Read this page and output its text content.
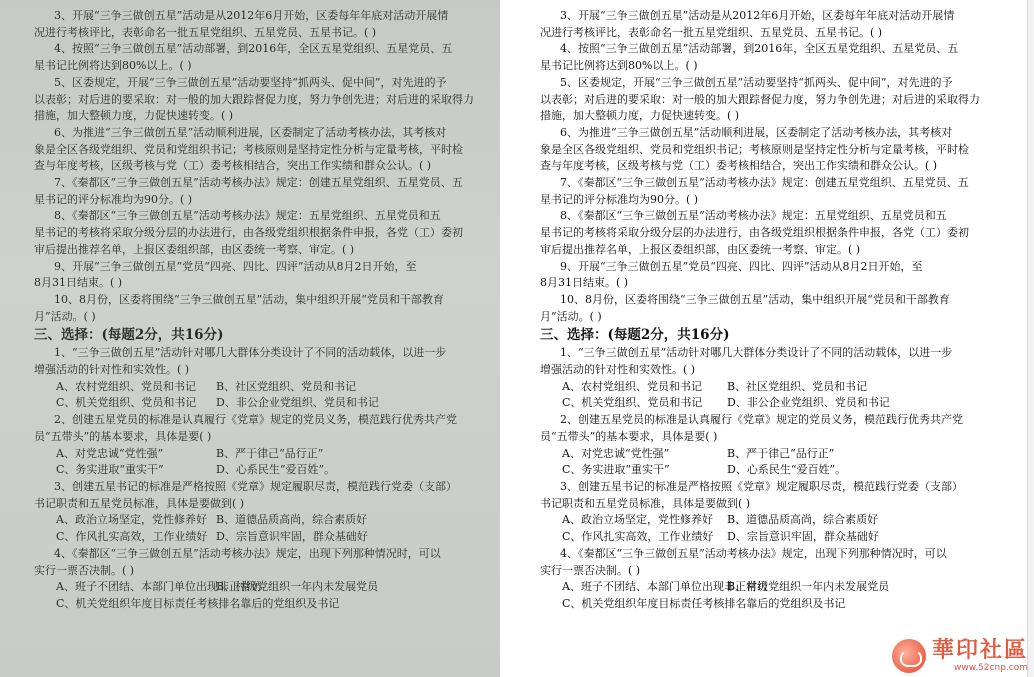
3、开展“三争三做创五星”活动是从2012年6月开始，区委每年年底对活动开展情
况进行考核评比，表彰命名一批五星党组织、五星党员、五星书记。( )
4、按照“三争三做创五星”活动部署，到2016年，全区五星党组织、五星党员、五
星书记比例将达到80%以上。( )
5、区委规定，开展“三争三做创五星”活动要坚持“抓两头、促中间”，对先进的予
以表彰；对后进的要采取：对一般的加大跟踪督促力度，努力争创先进；对后进的采取得力
措施，加大整顿力度，力促快速转变。( )
6、为推进“三争三做创五星”活动顺利进展，区委制定了活动考核办法，其考核对
象是全区各级党组织、党员和党组织书记；考核原则是坚持定性分析与定量考核，平时检
查与年度考核，区级考核与党（工）委考核相结合，突出工作实绩和群众公认。( )
7、《秦都区“三争三做创五星”活动考核办法》规定：创建五星党组织、五星党员、五
星书记的评分标准均为90分。( )
8、《秦都区“三争三做创五星”活动考核办法》规定：五星党组织、五星党员和五
星书记的考核将采取分级分层的办法进行，由各级党组织根据条件申报，各党（工）委初
审后提出推荐名单，上报区委组织部，由区委统一考察、审定。( )
9、开展“三争三做创五星”党员“四亮、四比、四评”活动从8月2日开始，至
8月31日结束。( )
10、8月份，区委将围绕“三争三做创五星”活动，集中组织开展“党员和干部教育
月”活动。( )
三、选择：(每题2分，共16分)
1、“三争三做创五星”活动针对哪几大群体分类设计了不同的活动载体，以进一步
增强活动的针对性和实效性。( )
A、农村党组织、党员和书记	B、社区党组织、党员和书记
C、机关党组织、党员和书记	D、非公企业党组织、党员和书记
2、创建五星党员的标准是认真履行《党章》规定的党员义务，模范践行优秀共产党
员“五带头”的基本要求，具体是要( )
A、对党忠诚“党性强”	B、严于律己“品行正”
C、务实进取“重实干”	D、心系民生“爱百姓”。
3、创建五星书记的标准是严格按照《党章》规定履职尽责，模范践行党委（支部）
书记职责和五星党员标准，具体是要做到( )
A、政治立场坚定，党性修养好 B、道德品质高尚，综合素质好
C、作风扎实高效，工作业绩好 D、宗旨意识牢固，群众基础好
4、《秦都区“三争三做创五星”活动考核办法》规定，出现下列那种情况时，可以
实行一票否决制。( )
A、班子不团结、本部门单位出现非正常访
B、村级党组织一年内未发展党员
C、机关党组织年度目标责任考核排名靠后的党组织及书记
3、开展“三争三做创五星”活动是从2012年6月开始，区委每年年底对活动开展情
况进行考核评比，表彰命名一批五星党组织、五星党员、五星书记。( )
4、按照“三争三做创五星”活动部署，到2016年，全区五星党组织、五星党员、五
星书记比例将达到80%以上。( )
5、区委规定，开展“三争三做创五星”活动要坚持“抓两头、促中间”，对先进的予
以表彰；对后进的要采取：对一般的加大跟踪督促力度，努力争创先进；对后进的采取得力
措施，加大整顿力度，力促快速转变。( )
6、为推进“三争三做创五星”活动顺利进展，区委制定了活动考核办法，其考核对
象是全区各级党组织、党员和党组织书记；考核原则是坚持定性分析与定量考核，平时检
查与年度考核，区级考核与党（工）委考核相结合，突出工作实绩和群众公认。( )
7、《秦都区“三争三做创五星”活动考核办法》规定：创建五星党组织、五星党员、五
星书记的评分标准均为90分。( )
8、《秦都区“三争三做创五星”活动考核办法》规定：五星党组织、五星党员和五
星书记的考核将采取分级分层的办法进行，由各级党组织根据条件申报，各党（工）委初
审后提出推荐名单，上报区委组织部，由区委统一考察、审定。( )
9、开展“三争三做创五星”党员“四亮、四比、四评”活动从8月2日开始，至
8月31日结束。( )
10、8月份，区委将围绕“三争三做创五星”活动，集中组织开展“党员和干部教育
月”活动。( )
三、选择：(每题2分，共16分)
1、“三争三做创五星”活动针对哪几大群体分类设计了不同的活动载体，以进一步
增强活动的针对性和实效性。( )
A、农村党组织、党员和书记	B、社区党组织、党员和书记
C、机关党组织、党员和书记	D、非公企业党组织、党员和书记
2、创建五星党员的标准是认真履行《党章》规定的党员义务，模范践行优秀共产党
员“五带头”的基本要求，具体是要( )
A、对党忠诚“党性强”	B、严于律己“品行正”
C、务实进取“重实干”	D、心系民生“爱百姓”。
3、创建五星书记的标准是严格按照《党章》规定履职尽责，模范践行党委（支部）
书记职责和五星党员标准，具体是要做到( )
A、政治立场坚定，党性修养好	B、道德品质高尚，综合素质好
C、作风扎实高效，工作业绩好	D、宗旨意识牢固，群众基础好
4、《秦都区“三争三做创五星”活动考核办法》规定，出现下列那种情况时，可以
实行一票否决制。( )
A、班子不团结、本部门单位出现非正常访
B、村级党组织一年内未发展党员
C、机关党组织年度目标责任考核排名靠后的党组织及书记
華印社區
www.52cnp.com
